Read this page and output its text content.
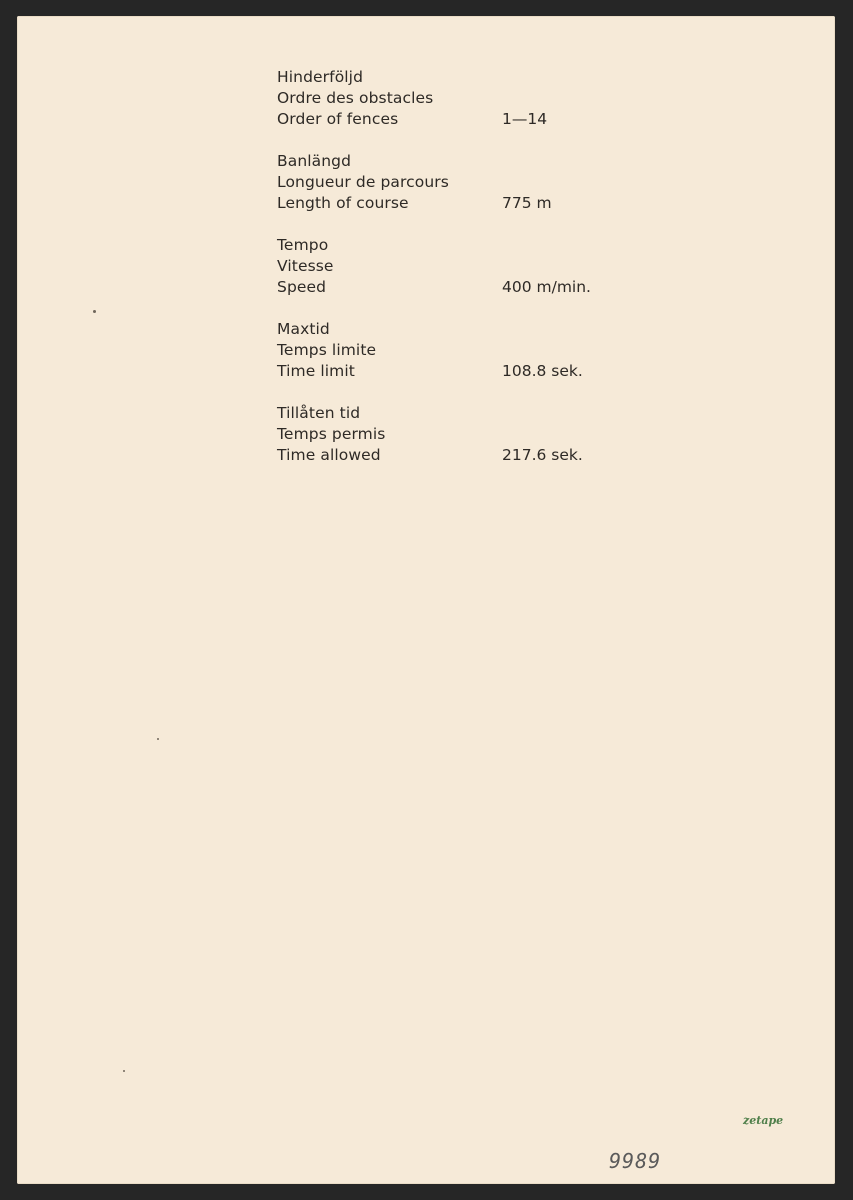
Hinderföljd
Ordre des obstacles
Order of fences	1—14
Banlängd
Longueur de parcours
Length of course	775 m
Tempo
Vitesse
Speed	400 m/min.
Maxtid
Temps limite
Time limit	108.8 sek.
Tillåten tid
Temps permis
Time allowed	217.6 sek.
zetape
9989
